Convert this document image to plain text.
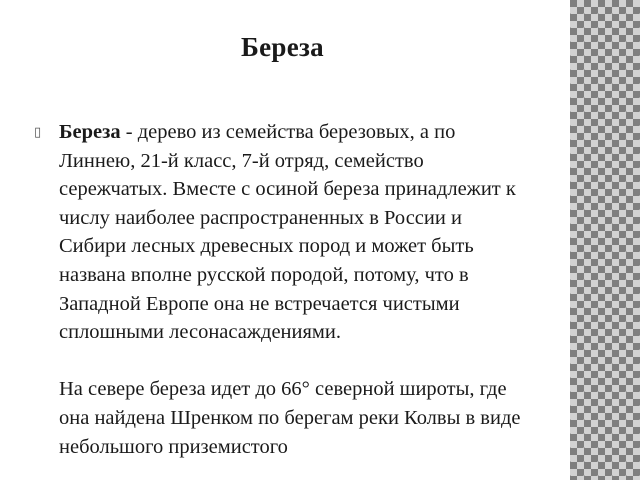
Береза
▯ Береза - дерево из семейства березовых, а по Линнею, 21-й класс, 7-й отряд, семейство сережчатых. Вместе с осиной береза принадлежит к числу наиболее распространенных в России и Сибири лесных древесных пород и может быть названа вполне русской породой, потому, что в Западной Европе она не встречается чистыми сплошными лесонасаждениями.
На севере береза идет до 66° северной широты, где она найдена Шренком по берегам реки Колвы в виде небольшого приземистого
